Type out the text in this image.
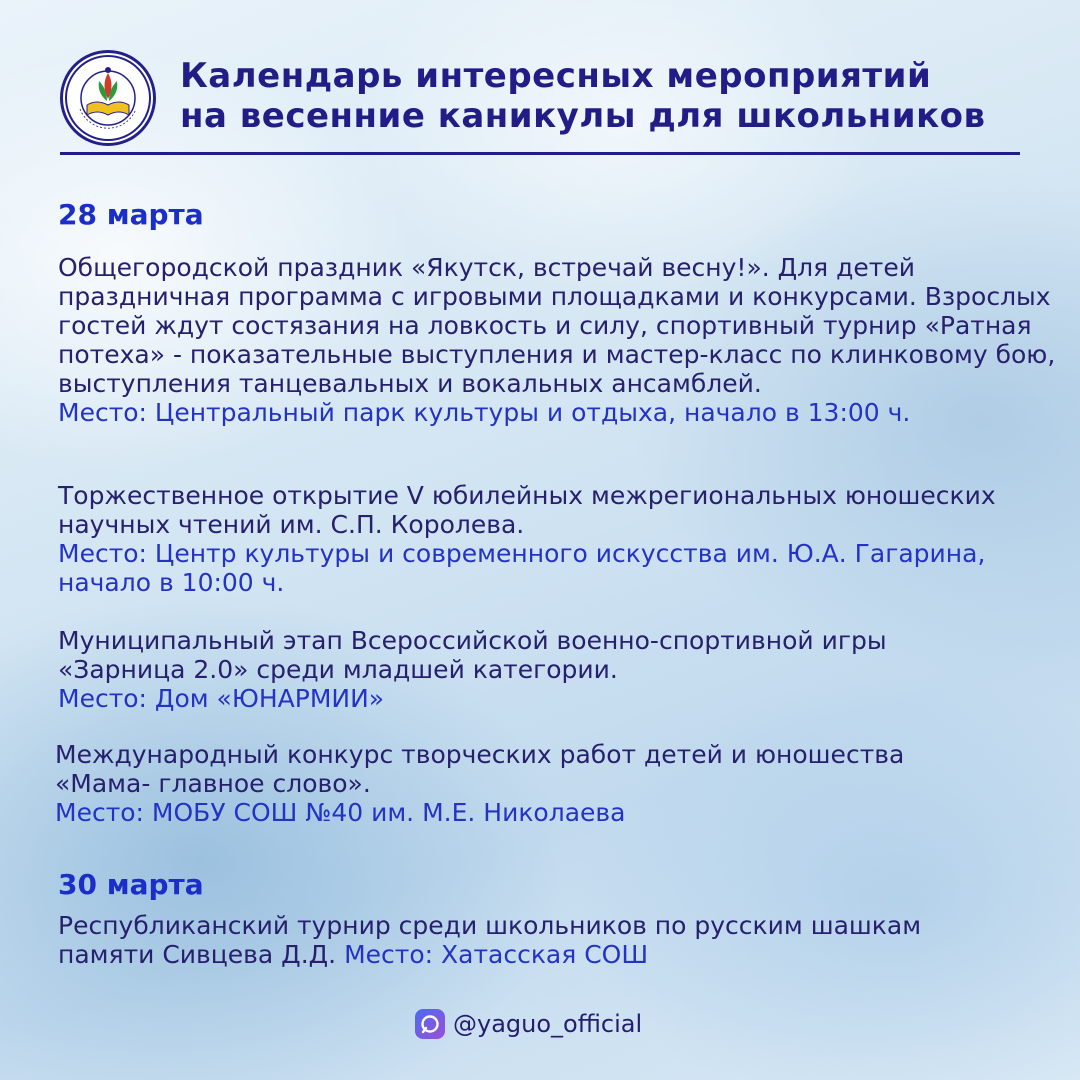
Календарь интересных мероприятий
на весенние каникулы для школьников
28 марта
Общегородской праздник «Якутск, встречай весну!». Для детей праздничная программа с игровыми площадками и конкурсами. Взрослых гостей ждут состязания на ловкость и силу, спортивный турнир «Ратная потеха» - показательные выступления и мастер-класс по клинковому бою, выступления танцевальных и вокальных ансамблей.
Место: Центральный парк культуры и отдыха, начало в 13:00 ч.
Торжественное открытие V юбилейных межрегиональных юношеских научных чтений им. С.П. Королева.
Место: Центр культуры и современного искусства им. Ю.А. Гагарина, начало в 10:00 ч.
Муниципальный этап Всероссийской военно-спортивной игры «Зарница 2.0» среди младшей категории.
Место: Дом «ЮНАРМИИ»
Международный конкурс творческих работ детей и юношества «Мама- главное слово».
Место: МОБУ СОШ №40 им. М.Е. Николаева
30 марта
Республиканский турнир среди школьников по русским шашкам памяти Сивцева Д.Д. Место: Хатасская СОШ
@yaguo_official
